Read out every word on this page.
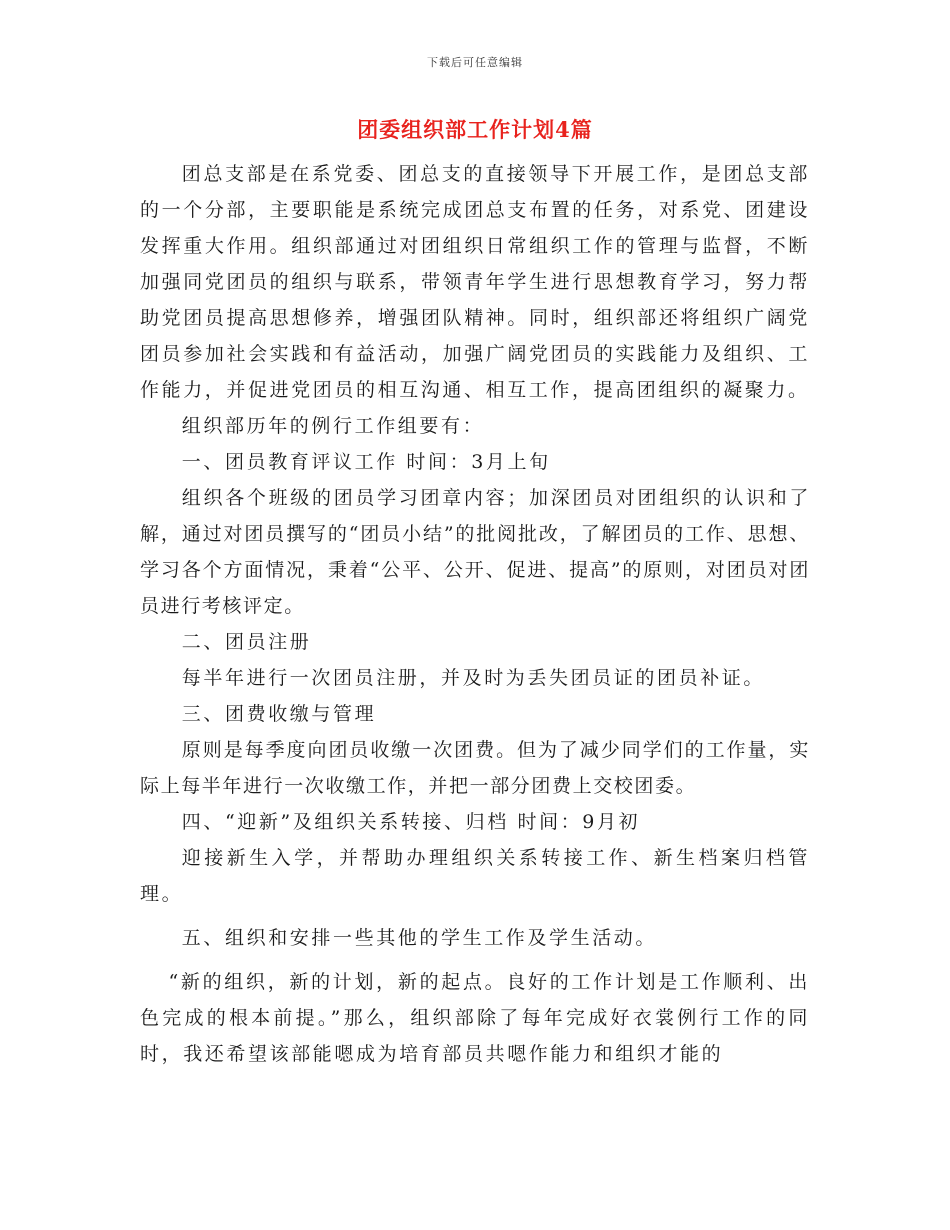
下载后可任意编辑
团委组织部工作计划4篇

团总支部是在系党委、团总支的直接领导下开展工作，是团总支部的一个分部，主要职能是系统完成团总支布置的任务，对系党、团建设发挥重大作用。组织部通过对团组织日常组织工作的管理与监督，不断加强同党团员的组织与联系，带领青年学生进行思想教育学习，努力帮助党团员提高思想修养，增强团队精神。同时，组织部还将组织广阔党团员参加社会实践和有益活动，加强广阔党团员的实践能力及组织、工作能力，并促进党团员的相互沟通、相互工作，提高团组织的凝聚力。

组织部历年的例行工作组要有：

一、团员教育评议工作 时间：3月上旬

组织各个班级的团员学习团章内容；加深团员对团组织的认识和了解，通过对团员撰写的“团员小结”的批阅批改，了解团员的工作、思想、学习各个方面情况，秉着“公平、公开、促进、提高”的原则，对团员对团员进行考核评定。

二、团员注册

每半年进行一次团员注册，并及时为丢失团员证的团员补证。

三、团费收缴与管理

原则是每季度向团员收缴一次团费。但为了减少同学们的工作量，实际上每半年进行一次收缴工作，并把一部分团费上交校团委。

四、“迎新”及组织关系转接、归档 时间：9月初

迎接新生入学，并帮助办理组织关系转接工作、新生档案归档管理。

五、组织和安排一些其他的学生工作及学生活动。

“新的组织，新的计划，新的起点。良好的工作计划是工作顺利、出色完成的根本前提。”那么，组织部除了每年完成好衣裳例行工作的同时，我还希望该部能嗯成为培育部员共嗯作能力和组织才能的
